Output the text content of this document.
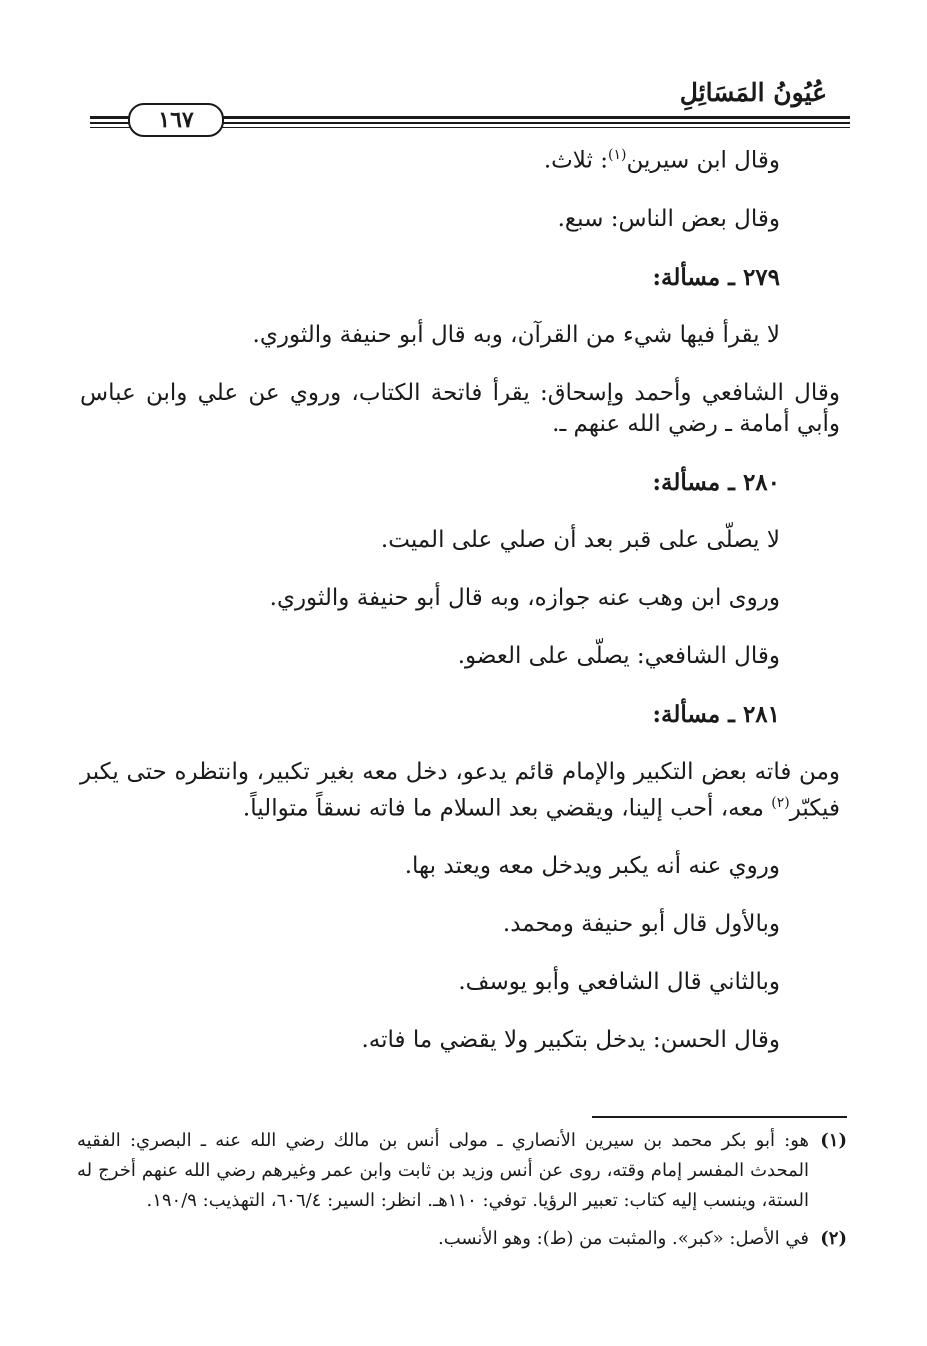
عُيُونُ المَسَائِلِ
١٦٧

وقال ابن سيرين$^{(١)}$: ثلاث.

وقال بعض الناس: سبع.

٢٧٩ ـ مسألة:

لا يقرأ فيها شيء من القرآن، وبه قال أبو حنيفة والثوري.

وقال الشافعي وأحمد وإسحاق: يقرأ فاتحة الكتاب، وروي عن علي وابن عباس وأبي أمامة ـ رضي الله عنهم ـ.

٢٨٠ ـ مسألة:

لا يصلّى على قبر بعد أن صلي على الميت.

وروى ابن وهب عنه جوازه، وبه قال أبو حنيفة والثوري.

وقال الشافعي: يصلّى على العضو.

٢٨١ ـ مسألة:

ومن فاته بعض التكبير والإمام قائم يدعو، دخل معه بغير تكبير، وانتظره حتى يكبر فيكبّر$^{(٢)}$ معه، أحب إلينا، ويقضي بعد السلام ما فاته نسقاً متوالياً.

وروي عنه أنه يكبر ويدخل معه ويعتد بها.

وبالأول قال أبو حنيفة ومحمد.

وبالثاني قال الشافعي وأبو يوسف.

وقال الحسن: يدخل بتكبير ولا يقضي ما فاته.

(١)
هو: أبو بكر محمد بن سيرين الأنصاري ـ مولى أنس بن مالك رضي الله عنه ـ البصري: الفقيه المحدث المفسر إمام وقته، روى عن أنس وزيد بن ثابت وابن عمر وغيرهم رضي الله عنهم أخرج له الستة، وينسب إليه كتاب: تعبير الرؤيا. توفي: ١١٠هـ. انظر: السير: ٦٠٦/٤، التهذيب: ١٩٠/٩.
(٢)
في الأصل: «كبر». والمثبت من (ط): وهو الأنسب.
